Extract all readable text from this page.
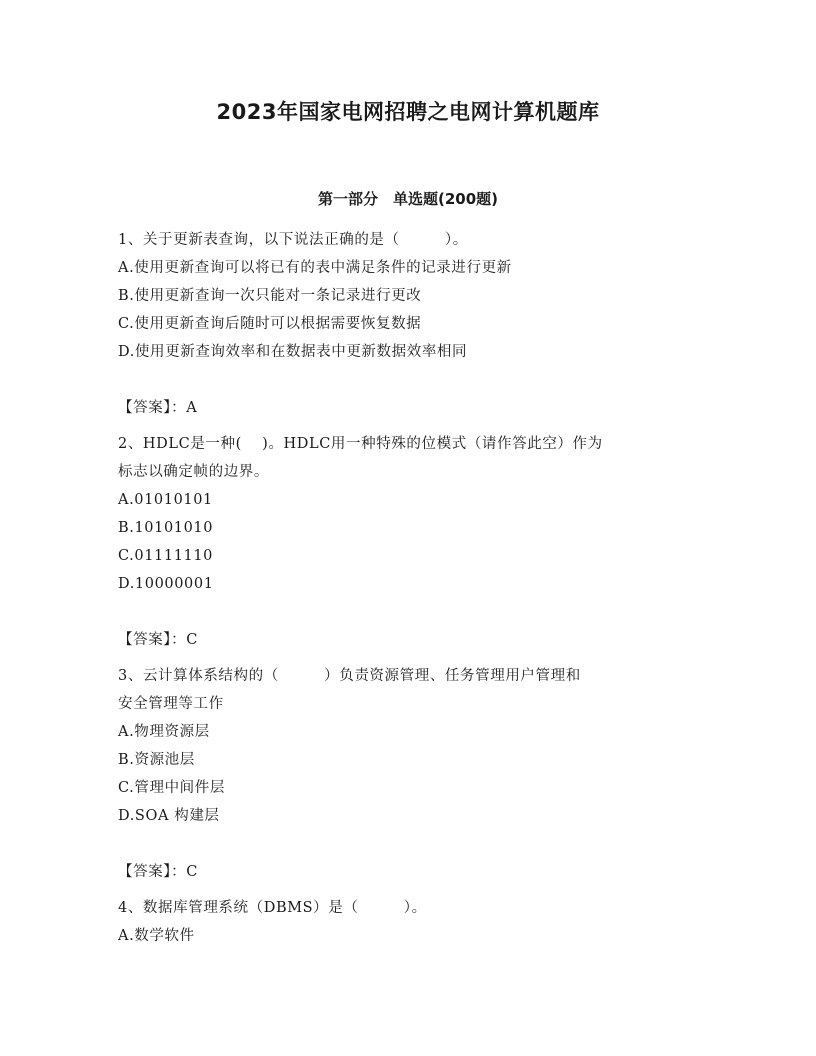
2023年国家电网招聘之电网计算机题库
第一部分　单选题(200题)
1、关于更新表查询，以下说法正确的是（　　　）。
A.使用更新查询可以将已有的表中满足条件的记录进行更新
B.使用更新查询一次只能对一条记录进行更改
C.使用更新查询后随时可以根据需要恢复数据
D.使用更新查询效率和在数据表中更新数据效率相同
【答案】：A
2、HDLC是一种(　 )。HDLC用一种特殊的位模式（请作答此空）作为
标志以确定帧的边界。
A.01010101
B.10101010
C.01111110
D.10000001
【答案】：C
3、云计算体系结构的（　　　）负责资源管理、任务管理用户管理和
安全管理等工作
A.物理资源层
B.资源池层
C.管理中间件层
D.SOA 构建层
【答案】：C
4、数据库管理系统（DBMS）是（　　　）。
A.数学软件
